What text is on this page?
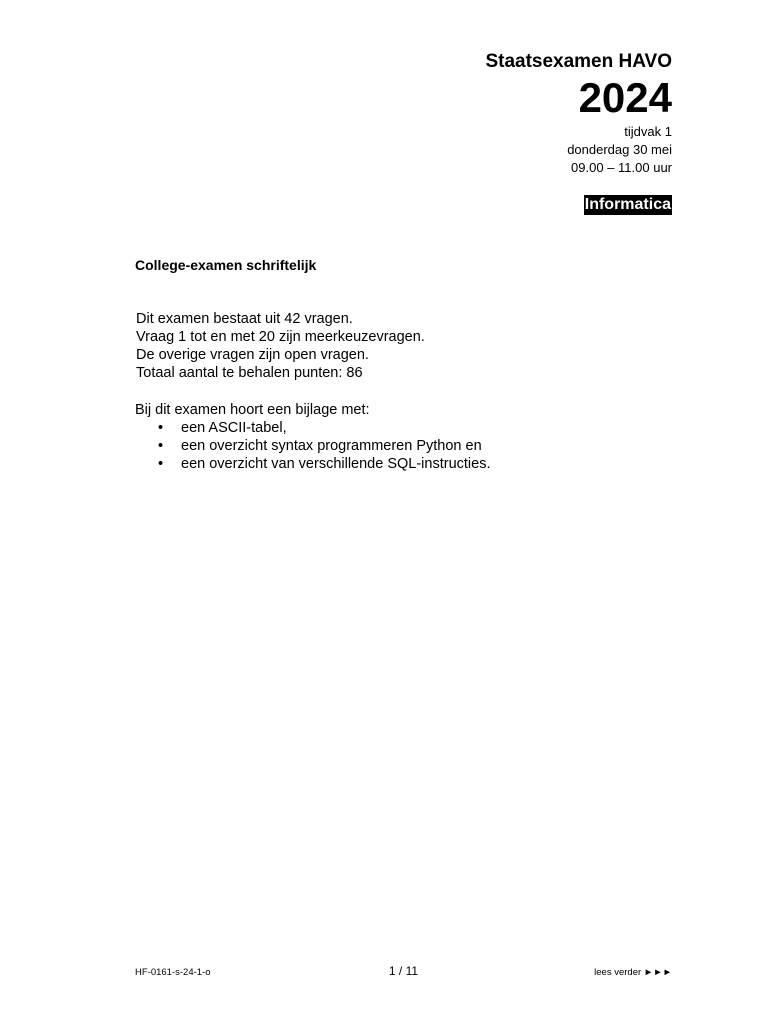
Staatsexamen HAVO

2024

tijdvak 1

donderdag 30 mei

09.00 – 11.00 uur

Informatica

College-examen schriftelijk

Dit examen bestaat uit 42 vragen.

Vraag 1 tot en met 20 zijn meerkeuzevragen.

De overige vragen zijn open vragen.

Totaal aantal te behalen punten: 86

Bij dit examen hoort een bijlage met:

• een ASCII-tabel,
• een overzicht syntax programmeren Python en
• een overzicht van verschillende SQL-instructies.
HF-0161-s-24-1-o	1 / 11	lees verder ►►►
